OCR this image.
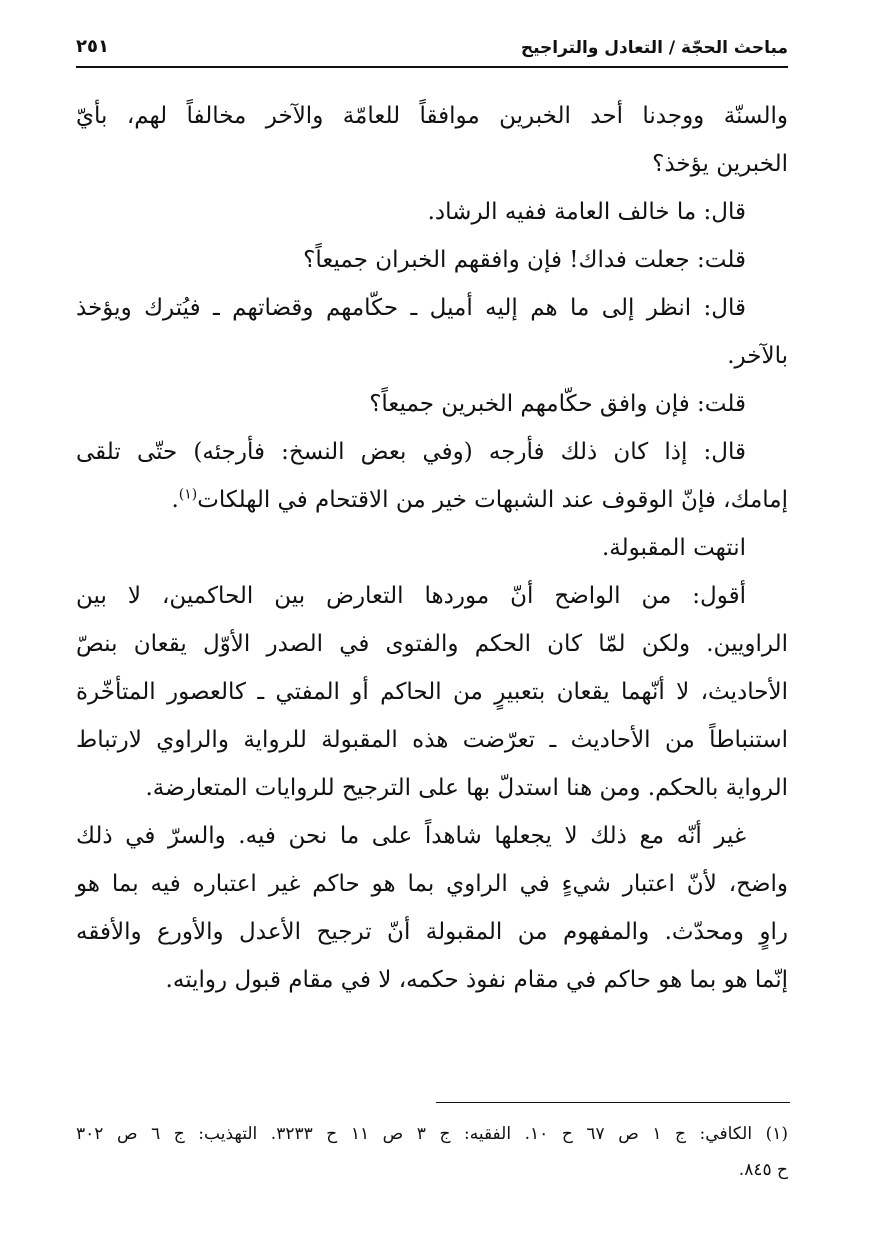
مباحث الحجّة / التعادل والتراجيح
٢٥١
والسنّة ووجدنا أحد الخبرين موافقاً للعامّة والآخر مخالفاً لهم، بأيّ
الخبرين يؤخذ؟
قال: ما خالف العامة ففيه الرشاد.
قلت: جعلت فداك! فإن وافقهم الخبران جميعاً؟
قال: انظر إلى ما هم إليه أميل ـ حكّامهم وقضاتهم ـ فيُترك ويؤخذ
بالآخر.
قلت: فإن وافق حكّامهم الخبرين جميعاً؟
قال: إذا كان ذلك فأرجه (وفي بعض النسخ: فأرجئه) حتّى تلقى
إمامك، فإنّ الوقوف عند الشبهات خير من الاقتحام في الهلكات$^{(١)}$.
انتهت المقبولة.
أقول: من الواضح أنّ موردها التعارض بين الحاكمين، لا بين
الراويين. ولكن لمّا كان الحكم والفتوى في الصدر الأوّل يقعان بنصّ
الأحاديث، لا أنّهما يقعان بتعبيرٍ من الحاكم أو المفتي ـ كالعصور المتأخّرة
استنباطاً من الأحاديث ـ تعرّضت هذه المقبولة للرواية والراوي لارتباط
الرواية بالحكم. ومن هنا استدلّ بها على الترجيح للروايات المتعارضة.
غير أنّه مع ذلك لا يجعلها شاهداً على ما نحن فيه. والسرّ في ذلك
واضح، لأنّ اعتبار شيءٍ في الراوي بما هو حاكم غير اعتباره فيه بما هو
راوٍ ومحدّث. والمفهوم من المقبولة أنّ ترجيح الأعدل والأورع والأفقه
إنّما هو بما هو حاكم في مقام نفوذ حكمه، لا في مقام قبول روايته.
(١) الكافي: ج ١ ص ٦٧ ح ١٠. الفقيه: ج ٣ ص ١١ ح ٣٢٣٣. التهذيب: ج ٦ ص ٣٠٢
ح ٨٤٥.
